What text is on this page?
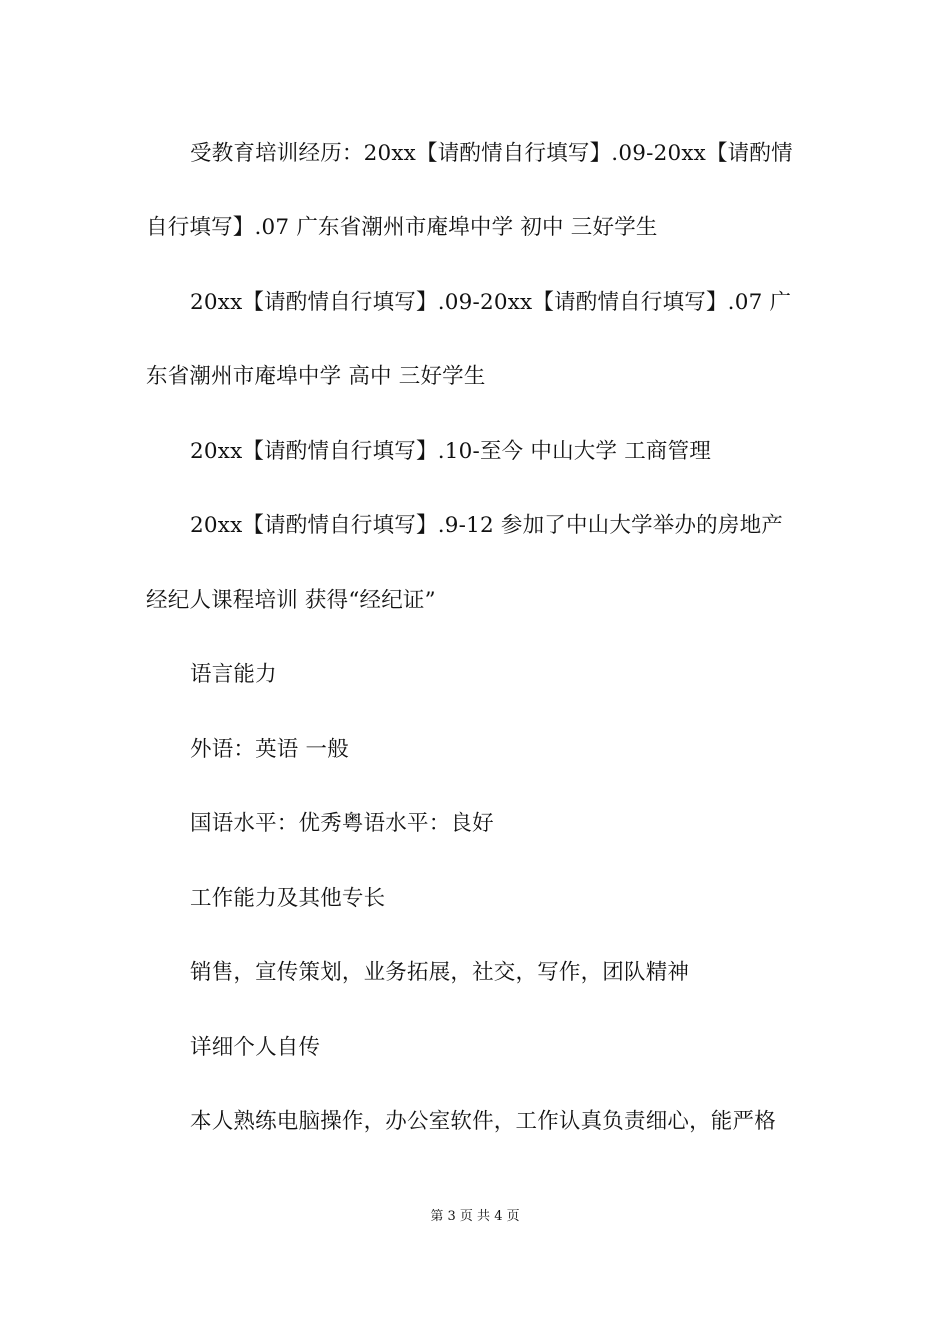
受教育培训经历：20xx【请酌情自行填写】.09-20xx【请酌情
自行填写】.07 广东省潮州市庵埠中学 初中 三好学生
20xx【请酌情自行填写】.09-20xx【请酌情自行填写】.07 广
东省潮州市庵埠中学 高中 三好学生
20xx【请酌情自行填写】.10-至今 中山大学 工商管理
20xx【请酌情自行填写】.9-12 参加了中山大学举办的房地产
经纪人课程培训 获得“经纪证”
语言能力
外语：英语 一般
国语水平：优秀粤语水平：良好
工作能力及其他专长
销售，宣传策划，业务拓展，社交，写作，团队精神
详细个人自传
本人熟练电脑操作，办公室软件，工作认真负责细心，能严格
第 3 页 共 4 页
